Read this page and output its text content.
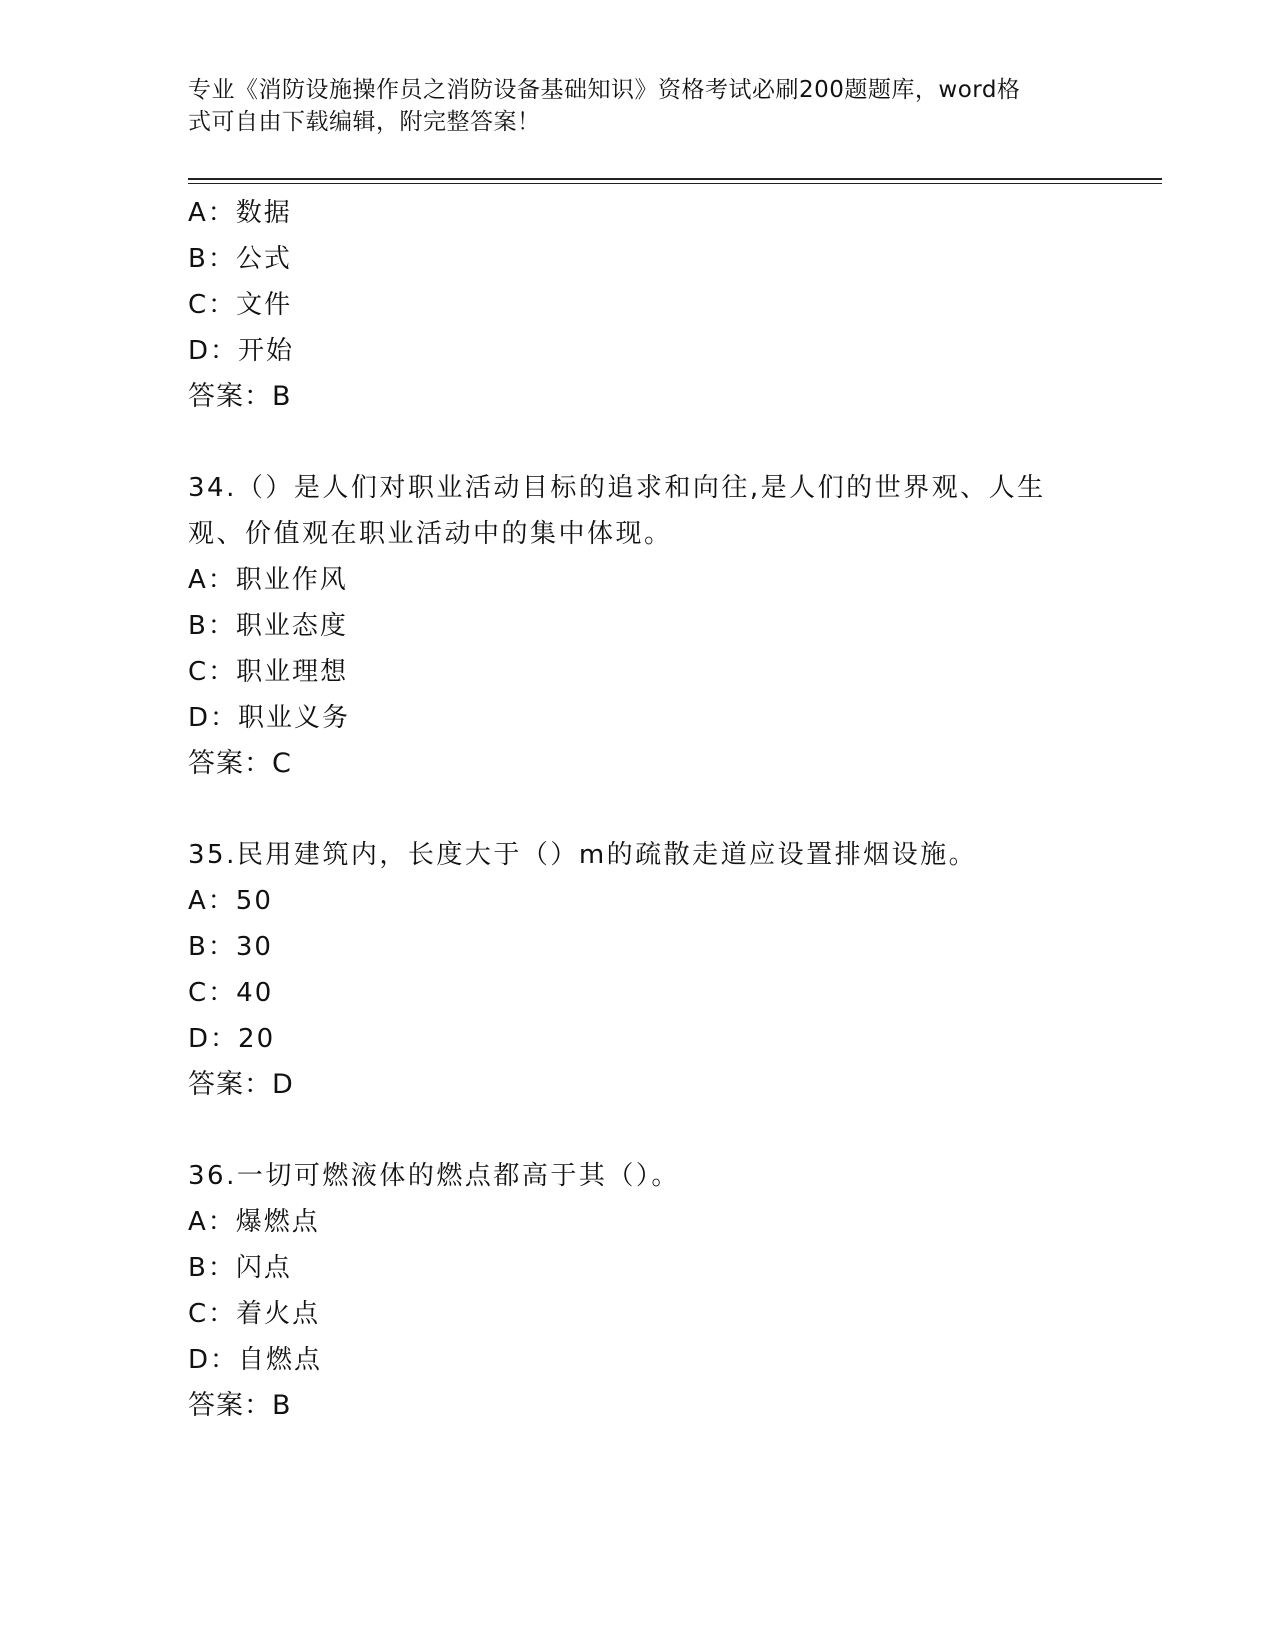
专业《消防设施操作员之消防设备基础知识》资格考试必刷200题题库，word格
式可自由下载编辑，附完整答案！
A：数据
B：公式
C：文件
D：开始
答案：B
34.（）是人们对职业活动目标的追求和向往,是人们的世界观、人生
观、价值观在职业活动中的集中体现。
A：职业作风
B：职业态度
C：职业理想
D：职业义务
答案：C
35.民用建筑内，长度大于（）m的疏散走道应设置排烟设施。
A：50
B：30
C：40
D：20
答案：D
36.一切可燃液体的燃点都高于其（）。
A：爆燃点
B：闪点
C：着火点
D：自燃点
答案：B
